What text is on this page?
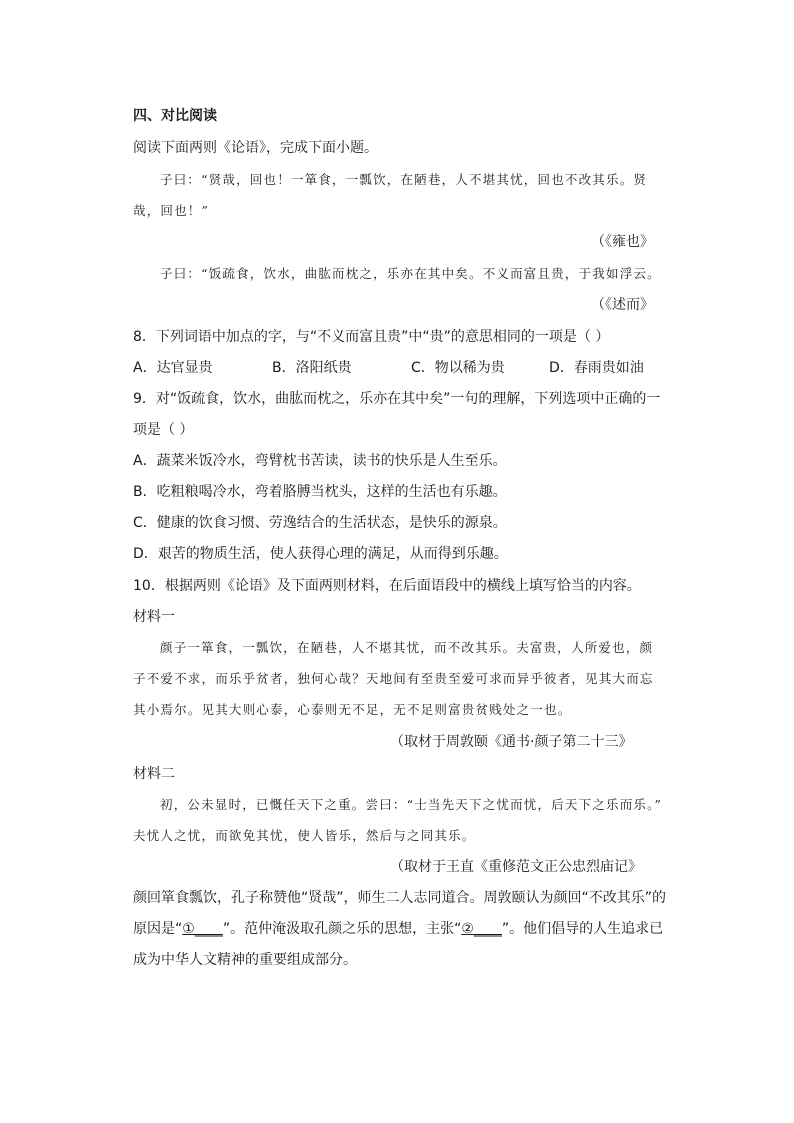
四、对比阅读
阅读下面两则《论语》，完成下面小题。
子曰：“贤哉，回也！一箪食，一瓢饮，在陋巷，人不堪其忧，回也不改其乐。贤
哉，回也！”
（《雍也》
子曰：“饭疏食，饮水，曲肱而枕之，乐亦在其中矣。不义而富且贵，于我如浮云。
（《述而》
8．下列词语中加点的字，与“不义而富且贵”中“贵”的意思相同的一项是（ ）
A．达官显贵	B．洛阳纸贵	C．物以稀为贵	D．春雨贵如油
9．对“饭疏食，饮水，曲肱而枕之，乐亦在其中矣”一句的理解，下列选项中正确的一
项是（ ）
A．蔬菜米饭冷水，弯臂枕书苦读，读书的快乐是人生至乐。
B．吃粗粮喝冷水，弯着胳膊当枕头，这样的生活也有乐趣。
C．健康的饮食习惯、劳逸结合的生活状态，是快乐的源泉。
D．艰苦的物质生活，使人获得心理的满足，从而得到乐趣。
10．根据两则《论语》及下面两则材料，在后面语段中的横线上填写恰当的内容。
材料一
颜子一箪食，一瓢饮，在陋巷，人不堪其忧，而不改其乐。夫富贵，人所爱也，颜
子不爱不求，而乐乎贫者，独何心哉？天地间有至贵至爱可求而异乎彼者，见其大而忘
其小焉尔。见其大则心泰，心泰则无不足，无不足则富贵贫贱处之一也。
（取材于周敦颐《通书·颜子第二十三》
材料二
初，公未显时，已慨任天下之重。尝曰：“士当先天下之忧而忧，后天下之乐而乐。”
夫忧人之忧，而欲免其忧，使人皆乐，然后与之同其乐。
（取材于王直《重修范文正公忠烈庙记》
颜回箪食瓢饮，孔子称赞他“贤哉”，师生二人志同道合。周敦颐认为颜回“不改其乐”的
原因是“①____”。范仲淹汲取孔颜之乐的思想，主张“②____”。他们倡导的人生追求已
成为中华人文精神的重要组成部分。
